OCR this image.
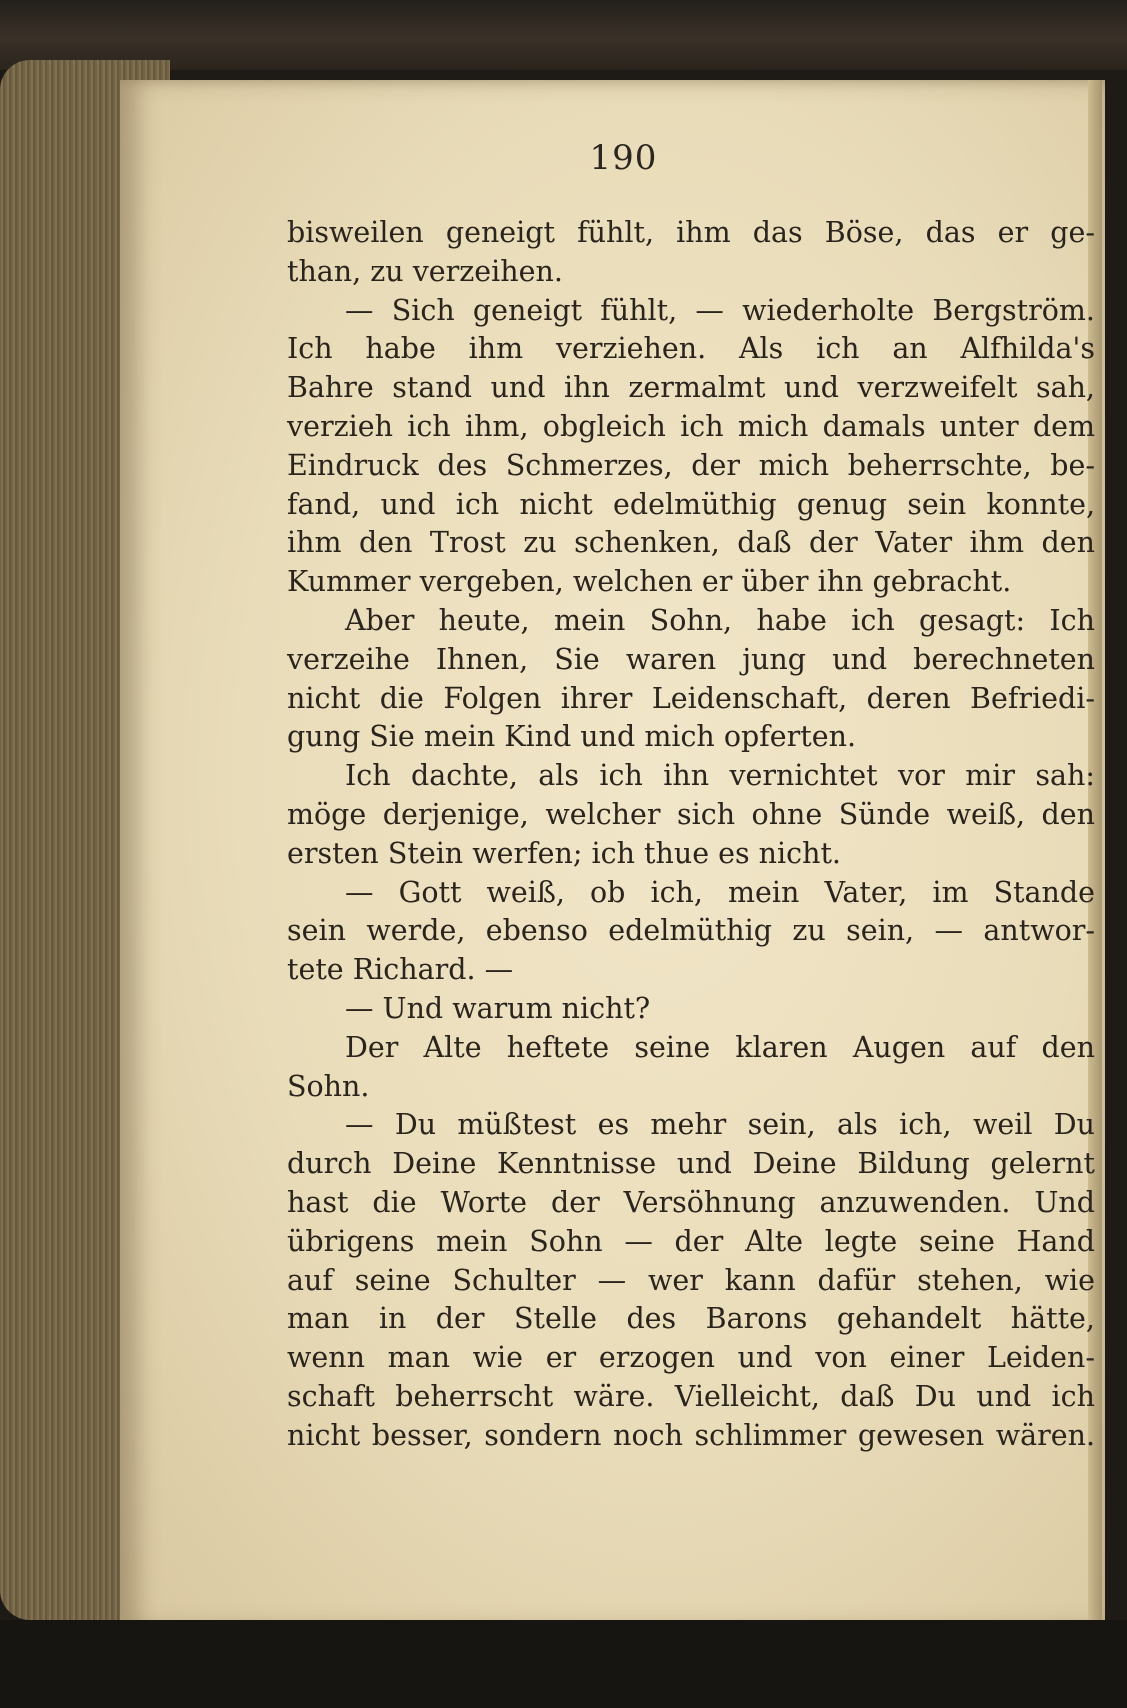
190
bisweilen geneigt fühlt, ihm das Böse, das er ge-
than, zu verzeihen.
— Sich geneigt fühlt, — wiederholte Bergström.
Ich habe ihm verziehen. Als ich an Alfhilda's
Bahre stand und ihn zermalmt und verzweifelt sah,
verzieh ich ihm, obgleich ich mich damals unter dem
Eindruck des Schmerzes, der mich beherrschte, be-
fand, und ich nicht edelmüthig genug sein konnte,
ihm den Trost zu schenken, daß der Vater ihm den
Kummer vergeben, welchen er über ihn gebracht.
Aber heute, mein Sohn, habe ich gesagt: Ich
verzeihe Ihnen, Sie waren jung und berechneten
nicht die Folgen ihrer Leidenschaft, deren Befriedi-
gung Sie mein Kind und mich opferten.
Ich dachte, als ich ihn vernichtet vor mir sah:
möge derjenige, welcher sich ohne Sünde weiß, den
ersten Stein werfen; ich thue es nicht.
— Gott weiß, ob ich, mein Vater, im Stande
sein werde, ebenso edelmüthig zu sein, — antwor-
tete Richard. —
— Und warum nicht?
Der Alte heftete seine klaren Augen auf den
Sohn.
— Du müßtest es mehr sein, als ich, weil Du
durch Deine Kenntnisse und Deine Bildung gelernt
hast die Worte der Versöhnung anzuwenden. Und
übrigens mein Sohn — der Alte legte seine Hand
auf seine Schulter — wer kann dafür stehen, wie
man in der Stelle des Barons gehandelt hätte,
wenn man wie er erzogen und von einer Leiden-
schaft beherrscht wäre. Vielleicht, daß Du und ich
nicht besser, sondern noch schlimmer gewesen wären.
